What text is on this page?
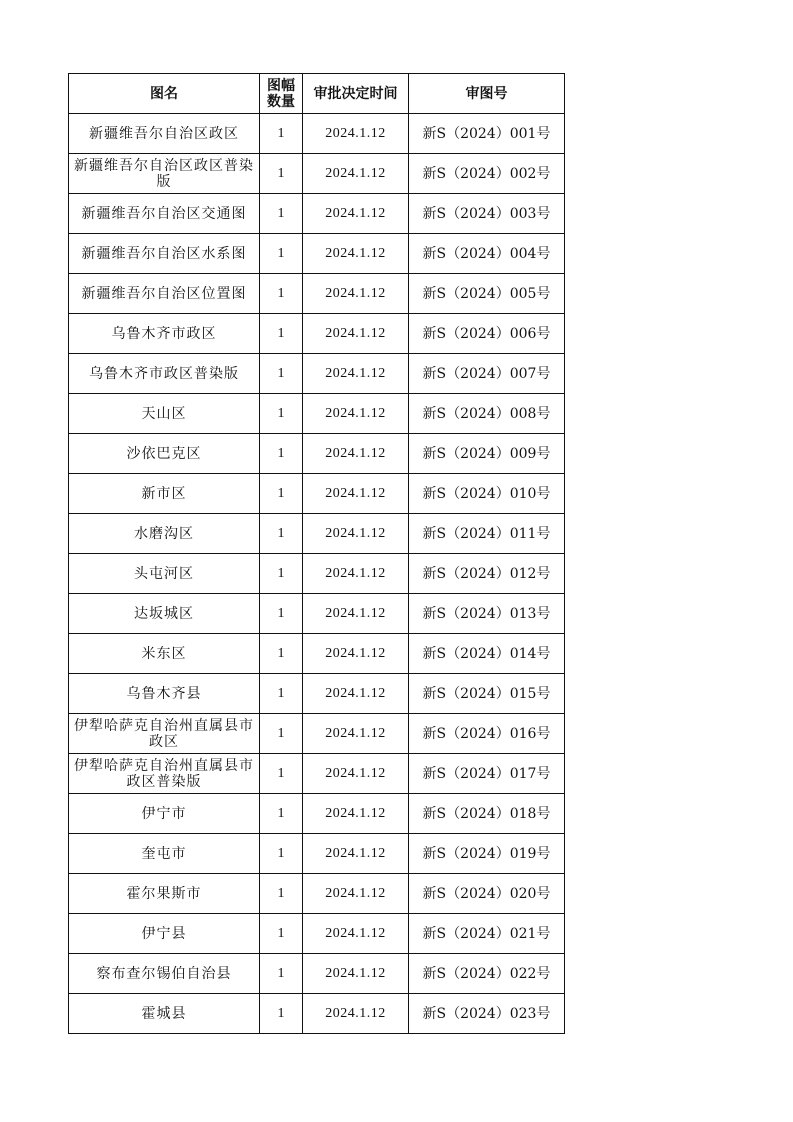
图名	图幅数量	审批决定时间	审图号
新疆维吾尔自治区政区	1	2024.1.12	新S（2024）001号
新疆维吾尔自治区政区普染版	1	2024.1.12	新S（2024）002号
新疆维吾尔自治区交通图	1	2024.1.12	新S（2024）003号
新疆维吾尔自治区水系图	1	2024.1.12	新S（2024）004号
新疆维吾尔自治区位置图	1	2024.1.12	新S（2024）005号
乌鲁木齐市政区	1	2024.1.12	新S（2024）006号
乌鲁木齐市政区普染版	1	2024.1.12	新S（2024）007号
天山区	1	2024.1.12	新S（2024）008号
沙依巴克区	1	2024.1.12	新S（2024）009号
新市区	1	2024.1.12	新S（2024）010号
水磨沟区	1	2024.1.12	新S（2024）011号
头屯河区	1	2024.1.12	新S（2024）012号
达坂城区	1	2024.1.12	新S（2024）013号
米东区	1	2024.1.12	新S（2024）014号
乌鲁木齐县	1	2024.1.12	新S（2024）015号
伊犁哈萨克自治州直属县市政区	1	2024.1.12	新S（2024）016号
伊犁哈萨克自治州直属县市政区普染版	1	2024.1.12	新S（2024）017号
伊宁市	1	2024.1.12	新S（2024）018号
奎屯市	1	2024.1.12	新S（2024）019号
霍尔果斯市	1	2024.1.12	新S（2024）020号
伊宁县	1	2024.1.12	新S（2024）021号
察布查尔锡伯自治县	1	2024.1.12	新S（2024）022号
霍城县	1	2024.1.12	新S（2024）023号
